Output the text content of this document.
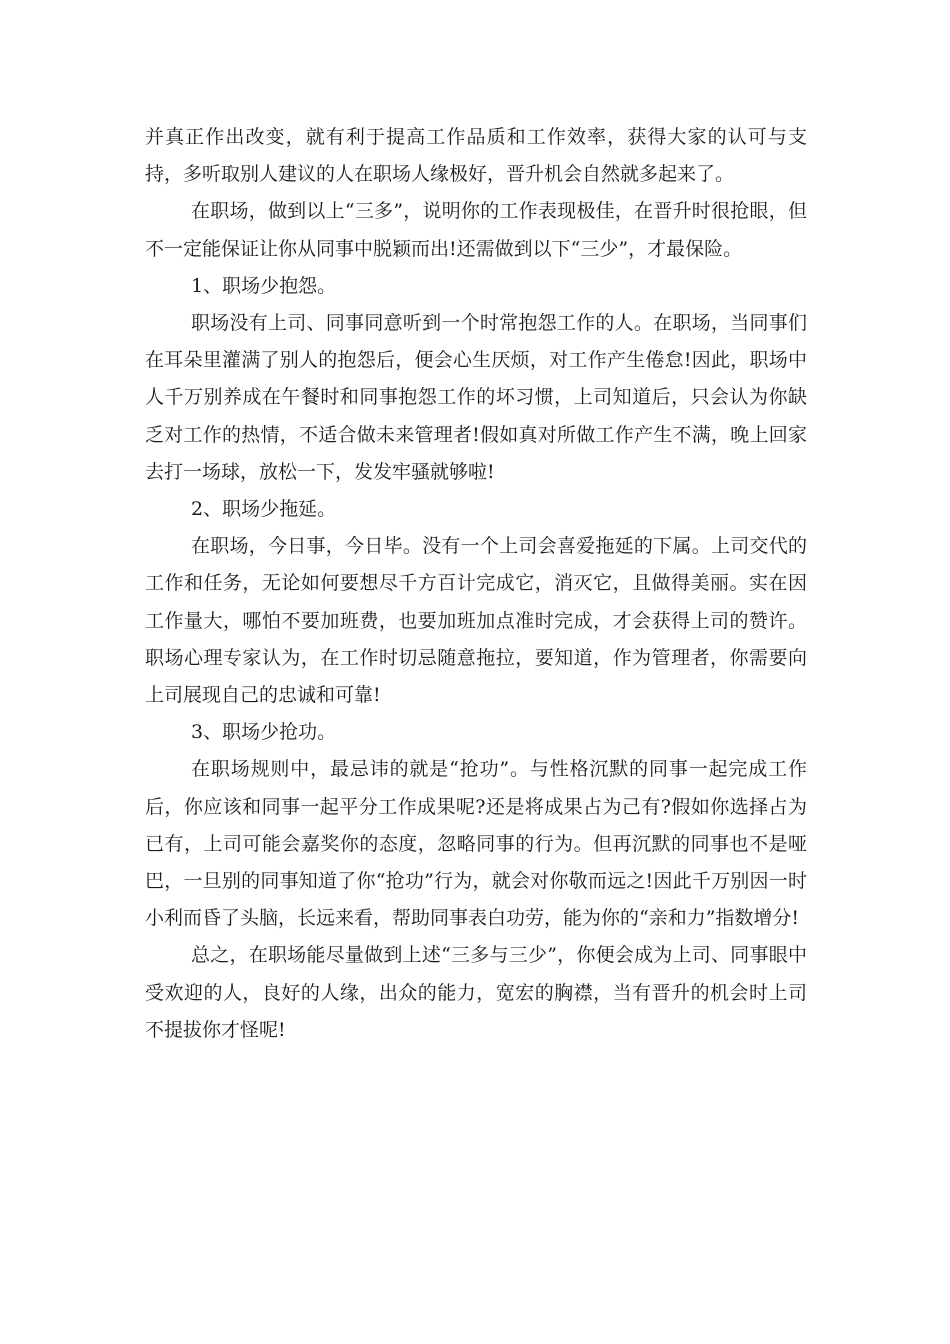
并真正作出改变，就有利于提高工作品质和工作效率，获得大家的认可与支持，多听取别人建议的人在职场人缘极好，晋升机会自然就多起来了。

在职场，做到以上“三多”，说明你的工作表现极佳，在晋升时很抢眼，但不一定能保证让你从同事中脱颖而出!还需做到以下“三少”，才最保险。

1、职场少抱怨。

职场没有上司、同事同意听到一个时常抱怨工作的人。在职场，当同事们在耳朵里灌满了别人的抱怨后，便会心生厌烦，对工作产生倦怠!因此，职场中人千万别养成在午餐时和同事抱怨工作的坏习惯，上司知道后，只会认为你缺乏对工作的热情，不适合做未来管理者!假如真对所做工作产生不满，晚上回家去打一场球，放松一下，发发牢骚就够啦!

2、职场少拖延。

在职场，今日事，今日毕。没有一个上司会喜爱拖延的下属。上司交代的工作和任务，无论如何要想尽千方百计完成它，消灭它，且做得美丽。实在因工作量大，哪怕不要加班费，也要加班加点准时完成，才会获得上司的赞许。职场心理专家认为，在工作时切忌随意拖拉，要知道，作为管理者，你需要向上司展现自己的忠诚和可靠!

3、职场少抢功。

在职场规则中，最忌讳的就是“抢功”。与性格沉默的同事一起完成工作后，你应该和同事一起平分工作成果呢?还是将成果占为己有?假如你选择占为已有，上司可能会嘉奖你的态度，忽略同事的行为。但再沉默的同事也不是哑巴，一旦别的同事知道了你“抢功”行为，就会对你敬而远之!因此千万别因一时小利而昏了头脑，长远来看，帮助同事表白功劳，能为你的“亲和力”指数增分!

总之，在职场能尽量做到上述“三多与三少”，你便会成为上司、同事眼中受欢迎的人，良好的人缘，出众的能力，宽宏的胸襟，当有晋升的机会时上司不提拔你才怪呢!
